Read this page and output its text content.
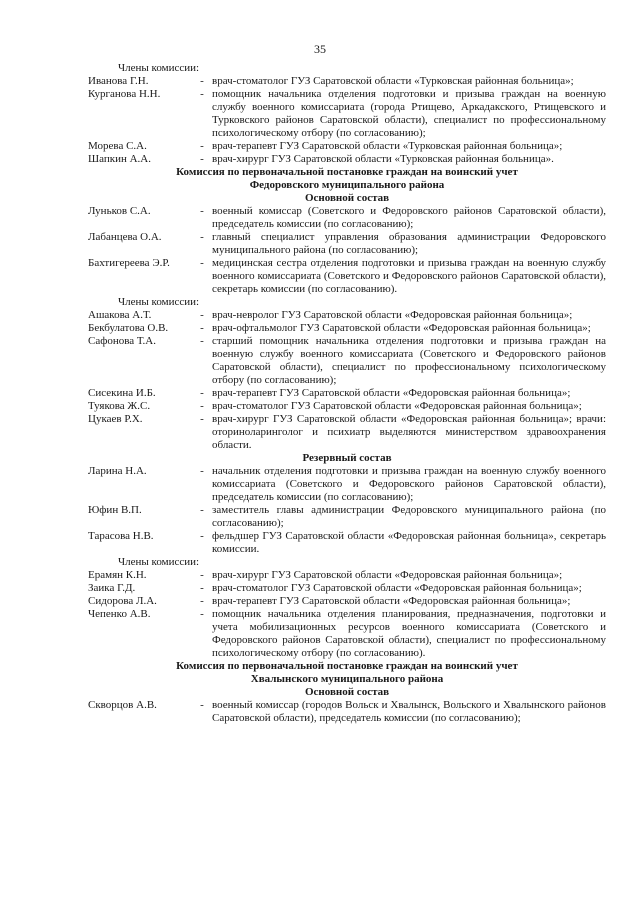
35
Члены комиссии:
Иванова Г.Н.	- врач-стоматолог ГУЗ Саратовской области «Турковская районная больница»;
Курганова Н.Н.	- помощник начальника отделения подготовки и призыва граждан на военную службу военного комиссариата (города Ртищево, Аркадакского, Ртищевского и Турковского районов Саратовской области), специалист по профессиональному психологическому отбору (по согласованию);
Морева С.А.	- врач-терапевт ГУЗ Саратовской области «Турковская районная больница»;
Шапкин А.А.	- врач-хирург ГУЗ Саратовской области «Турковская районная больница».
Комиссия по первоначальной постановке граждан на воинский учет
Федоровского муниципального района
Основной состав
Луньков С.А.	- военный комиссар (Советского и Федоровского районов Саратовской области), председатель комиссии (по согласованию);
Лабанцева О.А.	- главный специалист управления образования администрации Федоровского муниципального района (по согласованию);
Бахтигереева Э.Р.	- медицинская сестра отделения подготовки и призыва граждан на военную службу военного комиссариата (Советского и Федоровского районов Саратовской области), секретарь комиссии (по согласованию).
Члены комиссии:
Ашакова А.Т.	- врач-невролог ГУЗ Саратовской области «Федоровская районная больница»;
Бекбулатова О.В.	- врач-офтальмолог ГУЗ Саратовской области «Федоровская районная больница»;
Сафонова Т.А.	- старший помощник начальника отделения подготовки и призыва граждан на военную службу военного комиссариата (Советского и Федоровского районов Саратовской области), специалист по профессиональному психологическому отбору (по согласованию);
Сисекина И.Б.	- врач-терапевт ГУЗ Саратовской области «Федоровская районная больница»;
Туякова Ж.С.	- врач-стоматолог ГУЗ Саратовской области «Федоровская районная больница»;
Цукаев Р.Х.	- врач-хирург ГУЗ Саратовской области «Федоровская районная больница»; врачи: оториноларинголог и психиатр выделяются министерством здравоохранения области.
Резервный состав
Ларина Н.А.	- начальник отделения подготовки и призыва граждан на военную службу военного комиссариата (Советского и Федоровского районов Саратовской области), председатель комиссии (по согласованию);
Юфин В.П.	- заместитель главы администрации Федоровского муниципального района (по согласованию);
Тарасова Н.В.	- фельдшер ГУЗ Саратовской области «Федоровская районная больница», секретарь комиссии.
Члены комиссии:
Ерамян К.Н.	- врач-хирург ГУЗ Саратовской области «Федоровская районная больница»;
Заика Г.Д.	- врач-стоматолог ГУЗ Саратовской области «Федоровская районная больница»;
Сидорова Л.А.	- врач-терапевт ГУЗ Саратовской области «Федоровская районная больница»;
Чепенко А.В.	- помощник начальника отделения планирования, предназначения, подготовки и учета мобилизационных ресурсов военного комиссариата (Советского и Федоровского районов Саратовской области), специалист по профессиональному психологическому отбору (по согласованию).
Комиссия по первоначальной постановке граждан на воинский учет
Хвалынского муниципального района
Основной состав
Скворцов А.В.	- военный комиссар (городов Вольск и Хвалынск, Вольского и Хвалынского районов Саратовской области), председатель комиссии (по согласованию);
